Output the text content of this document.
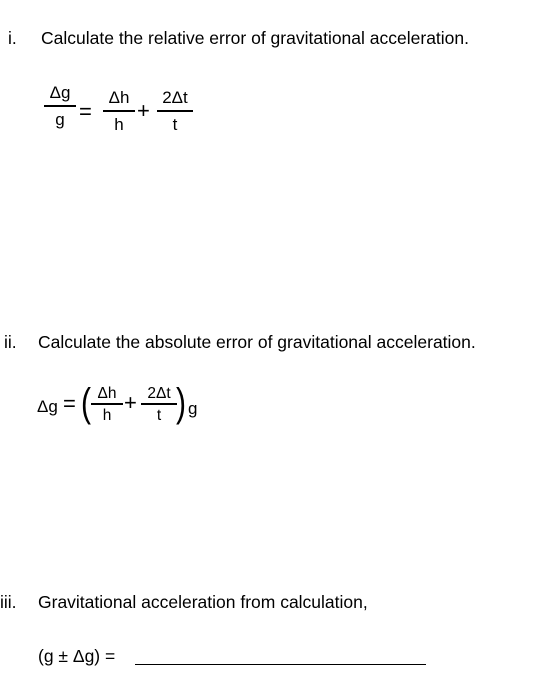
i. Calculate the relative error of gravitational acceleration.
Δg
g =
Δh
h
+
2Δt
t
ii. Calculate the absolute error of gravitational acceleration.
Δg = ( Δh
h + 2Δt
t ) g
iii. Gravitational acceleration from calculation,
(g ± Δg) =
